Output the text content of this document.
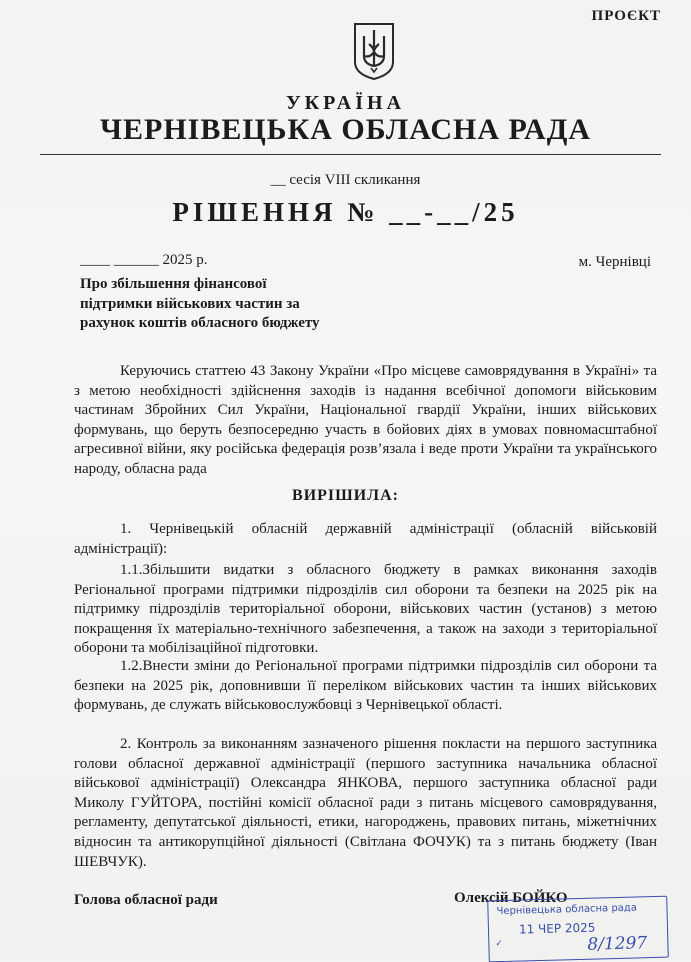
ПРОЄКТ
УКРАЇНА
ЧЕРНІВЕЦЬКА ОБЛАСНА РАДА
__ сесія VIII скликання
РІШЕННЯ № __-__/25
____ ______ 2025 р.	м. Чернівці
Про збільшення фінансової підтримки військових частин за рахунок коштів обласного бюджету
Керуючись статтею 43 Закону України «Про місцеве самоврядування в Україні» та з метою необхідності здійснення заходів із надання всебічної допомоги військовим частинам Збройних Сил України, Національної гвардії України, інших військових формувань, що беруть безпосередню участь в бойових діях в умовах повномасштабної агресивної війни, яку російська федерація розв’язала і веде проти України та українського народу, обласна рада
ВИРІШИЛА:
1. Чернівецькій обласній державній адміністрації (обласній військовій адміністрації):
1.1.Збільшити видатки з обласного бюджету в рамках виконання заходів Регіональної програми підтримки підрозділів сил оборони та безпеки на 2025 рік на підтримку підрозділів територіальної оборони, військових частин (установ) з метою покращення їх матеріально-технічного забезпечення, а також на заходи з територіальної оборони та мобілізаційної підготовки.
1.2.Внести зміни до Регіональної програми підтримки підрозділів сил оборони та безпеки на 2025 рік, доповнивши її переліком військових частин та інших військових формувань, де служать військовослужбовці з Чернівецької області.
2. Контроль за виконанням зазначеного рішення покласти на першого заступника голови обласної державної адміністрації (першого заступника начальника обласної військової адміністрації) Олександра ЯНКОВА, першого заступника обласної ради Миколу ГУЙТОРА, постійні комісії обласної ради з питань місцевого самоврядування, регламенту, депутатської діяльності, етики, нагороджень, правових питань, міжетнічних відносин та антикорупційної діяльності (Світлана ФОЧУК) та з питань бюджету (Іван ШЕВЧУК).
Голова обласної ради	Олексій БОЙКО
Чернівецька обласна рада
11 ЧЕР 2025
✓	8/1297
